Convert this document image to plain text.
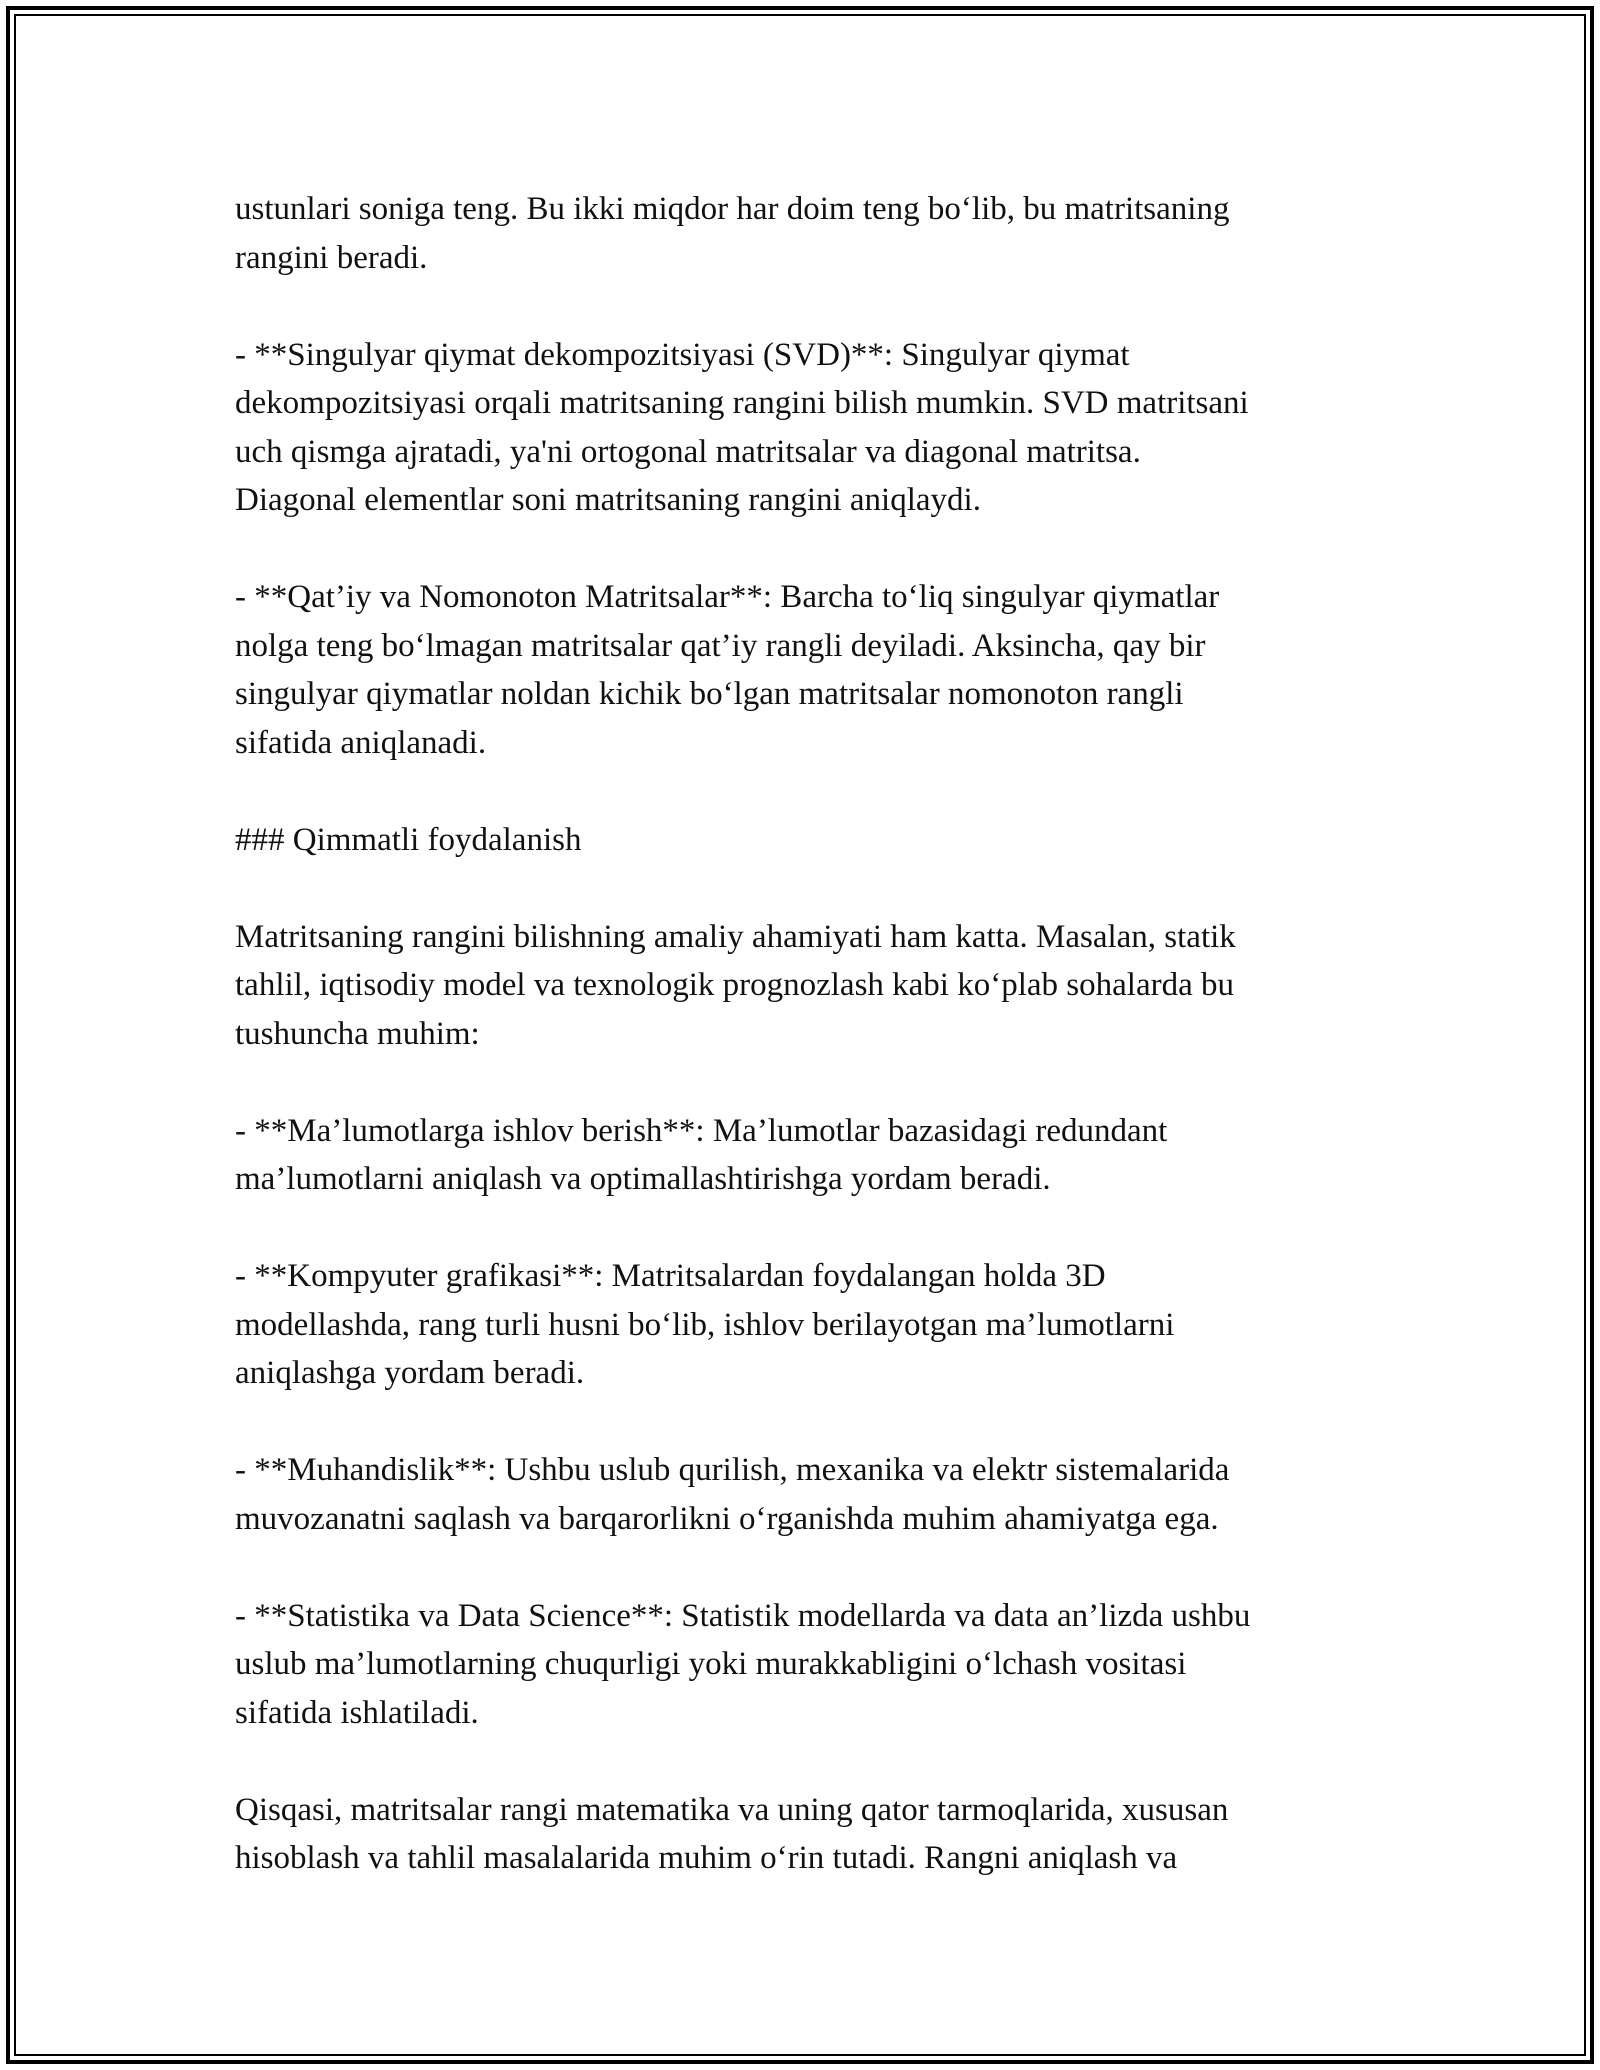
ustunlari soniga teng. Bu ikki miqdor har doim teng bo‘lib, bu matritsaning
rangini beradi.
- **Singulyar qiymat dekompozitsiyasi (SVD)**: Singulyar qiymat
dekompozitsiyasi orqali matritsaning rangini bilish mumkin. SVD matritsani
uch qismga ajratadi, ya'ni ortogonal matritsalar va diagonal matritsa.
Diagonal elementlar soni matritsaning rangini aniqlaydi.
- **Qat’iy va Nomonoton Matritsalar**: Barcha to‘liq singulyar qiymatlar
nolga teng bo‘lmagan matritsalar qat’iy rangli deyiladi. Aksincha, qay bir
singulyar qiymatlar noldan kichik bo‘lgan matritsalar nomonoton rangli
sifatida aniqlanadi.
### Qimmatli foydalanish
Matritsaning rangini bilishning amaliy ahamiyati ham katta. Masalan, statik
tahlil, iqtisodiy model va texnologik prognozlash kabi ko‘plab sohalarda bu
tushuncha muhim:
- **Ma’lumotlarga ishlov berish**: Ma’lumotlar bazasidagi redundant
ma’lumotlarni aniqlash va optimallashtirishga yordam beradi.
- **Kompyuter grafikasi**: Matritsalardan foydalangan holda 3D
modellashda, rang turli husni bo‘lib, ishlov berilayotgan ma’lumotlarni
aniqlashga yordam beradi.
- **Muhandislik**: Ushbu uslub qurilish, mexanika va elektr sistemalarida
muvozanatni saqlash va barqarorlikni o‘rganishda muhim ahamiyatga ega.
- **Statistika va Data Science**: Statistik modellarda va data an’lizda ushbu
uslub ma’lumotlarning chuqurligi yoki murakkabligini o‘lchash vositasi
sifatida ishlatiladi.
Qisqasi, matritsalar rangi matematika va uning qator tarmoqlarida, xususan
hisoblash va tahlil masalalarida muhim o‘rin tutadi. Rangni aniqlash va
